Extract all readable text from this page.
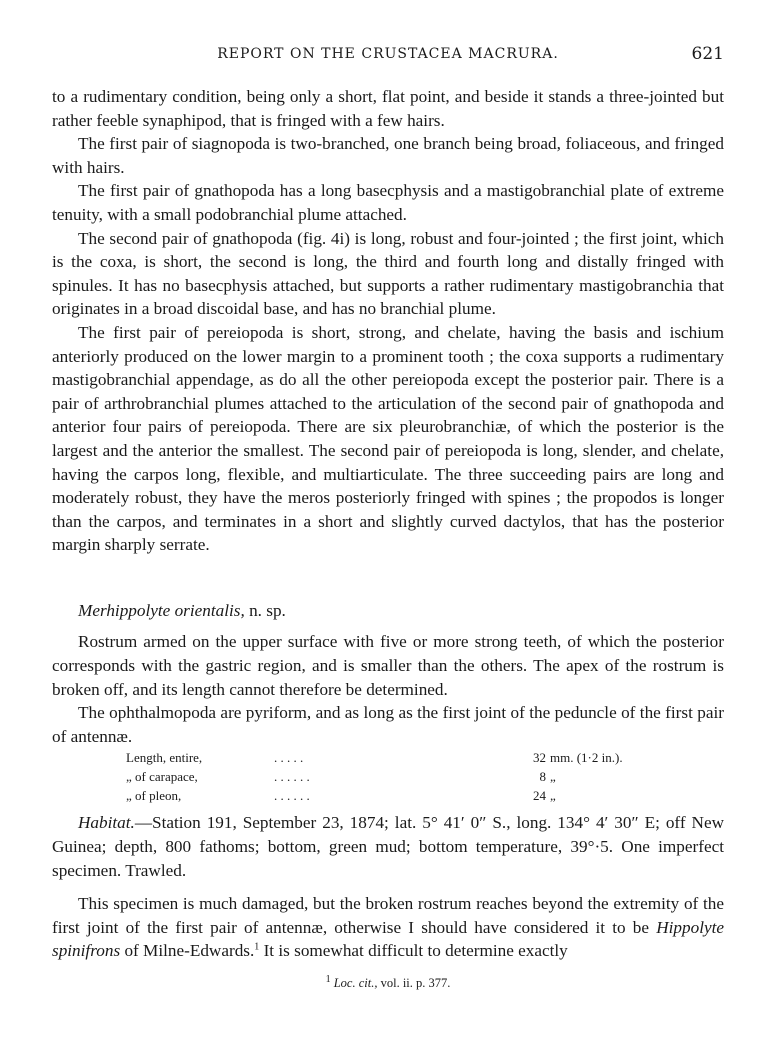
REPORT ON THE CRUSTACEA MACRURA.	621

to a rudimentary condition, being only a short, flat point, and beside it stands a three-jointed but rather feeble synaphipod, that is fringed with a few hairs.

The first pair of siagnopoda is two-branched, one branch being broad, foliaceous, and fringed with hairs.

The first pair of gnathopoda has a long basecphysis and a mastigobranchial plate of extreme tenuity, with a small podobranchial plume attached.

The second pair of gnathopoda (fig. 4i) is long, robust and four-jointed ; the first joint, which is the coxa, is short, the second is long, the third and fourth long and distally fringed with spinules. It has no basecphysis attached, but supports a rather rudimentary mastigobranchia that originates in a broad discoidal base, and has no branchial plume.

The first pair of pereiopoda is short, strong, and chelate, having the basis and ischium anteriorly produced on the lower margin to a prominent tooth ; the coxa supports a rudimentary mastigobranchial appendage, as do all the other pereiopoda except the posterior pair. There is a pair of arthrobranchial plumes attached to the articulation of the second pair of gnathopoda and anterior four pairs of pereiopoda. There are six pleurobranchiæ, of which the posterior is the largest and the anterior the smallest. The second pair of pereiopoda is long, slender, and chelate, having the carpos long, flexible, and multiarticulate. The three succeeding pairs are long and moderately robust, they have the meros posteriorly fringed with spines ; the propodos is longer than the carpos, and terminates in a short and slightly curved dactylos, that has the posterior margin sharply serrate.

Merhippolyte orientalis, n. sp.

Rostrum armed on the upper surface with five or more strong teeth, of which the posterior corresponds with the gastric region, and is smaller than the others. The apex of the rostrum is broken off, and its length cannot therefore be determined.

The ophthalmopoda are pyriform, and as long as the first joint of the peduncle of the first pair of antennæ.

Length, entire,	. . . . .	32	mm. (1·2 in.).
„ of carapace,	. . . . . .	8	„
„ of pleon,	. . . . . .	24	„

Habitat.—Station 191, September 23, 1874; lat. 5° 41′ 0″ S., long. 134° 4′ 30″ E; off New Guinea; depth, 800 fathoms; bottom, green mud; bottom temperature, 39°·5. One imperfect specimen. Trawled.

This specimen is much damaged, but the broken rostrum reaches beyond the extremity of the first joint of the first pair of antennæ, otherwise I should have considered it to be Hippolyte spinifrons of Milne-Edwards.$^1$ It is somewhat difficult to determine exactly

$^1$ Loc. cit., vol. ii. p. 377.
